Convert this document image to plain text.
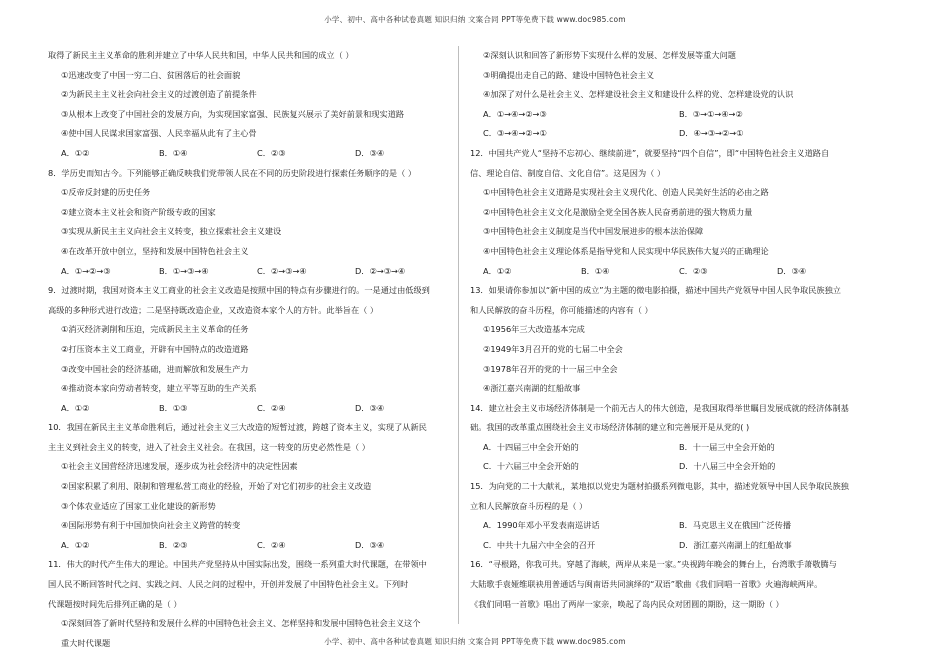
小学、初中、高中各种试卷真题 知识归纳 文案合同 PPT等免费下载 www.doc985.com
取得了新民主主义革命的胜利并建立了中华人民共和国，中华人民共和国的成立（ ）
①迅速改变了中国一穷二白、贫困落后的社会面貌
②为新民主主义社会向社会主义的过渡创造了前提条件
③从根本上改变了中国社会的发展方向，为实现国家富强、民族复兴展示了美好前景和现实道路
④使中国人民谋求国家富强、人民幸福从此有了主心骨
A．①②	B．①④	C．②③	D．③④
8．学历史而知古今。下列能够正确反映我们党带领人民在不同的历史阶段进行探索任务顺序的是（ ）
①反帝反封建的历史任务
②建立资本主义社会和资产阶级专政的国家
③实现从新民主主义向社会主义转变，独立探索社会主义建设
④在改革开放中创立，坚持和发展中国特色社会主义
A．①→②→③	B．①→③→④	C．②→③→④	D．②→③→④
9．过渡时期，我国对资本主义工商业的社会主义改造是按照中国的特点有步骤进行的。一是通过由低级到
高级的多种形式进行改造；二是坚持既改造企业，又改造资本家个人的方针。此举旨在（ ）
①消灭经济剥削和压迫，完成新民主主义革命的任务
②打压资本主义工商业，开辟有中国特点的改造道路
③改变中国社会的经济基础，进而解放和发展生产力
④推动资本家向劳动者转变，建立平等互助的生产关系
A．①②	B．①③	C．②④	D．③④
10．我国在新民主主义革命胜利后，通过社会主义三大改造的短暂过渡，跨越了资本主义，实现了从新民
主主义到社会主义的转变，进入了社会主义社会。在我国，这一转变的历史必然性是（ ）
①社会主义国营经济迅速发展，逐步成为社会经济中的决定性因素
②国家积累了利用、限制和管理私营工商业的经验，开始了对它们初步的社会主义改造
③个体农业适应了国家工业化建设的新形势
④国际形势有利于中国加快向社会主义跨营的转变
A．①②	B．②③	C．②④	D．③④
11．伟大的时代产生伟大的理论。中国共产党坚持从中国实际出发，围绕一系列重大时代课题，在带领中
国人民不断回答时代之问、实践之问、人民之问的过程中，开创并发展了中国特色社会主义。下列时
代课题按时间先后排列正确的是（ ）
①深刻回答了新时代坚持和发展什么样的中国特色社会主义、怎样坚持和发展中国特色社会主义这个
重大时代课题
②深刻认识和回答了新形势下实现什么样的发展、怎样发展等重大问题
③明确提出走自己的路、建设中国特色社会主义
④加深了对什么是社会主义、怎样建设社会主义和建设什么样的党、怎样建设党的认识
A．①→④→②→③	B．③→①→④→②
C．③→④→②→①	D．④→③→②→①
12．中国共产党人“坚持不忘初心、继续前进”，就要坚持“四个自信”，即“中国特色社会主义道路自
信、理论自信、制度自信、文化自信”。这是因为（ ）
①中国特色社会主义道路是实现社会主义现代化、创造人民美好生活的必由之路
②中国特色社会主义文化是激励全党全国各族人民奋勇前进的强大物质力量
③中国特色社会主义制度是当代中国发展进步的根本法治保障
④中国特色社会主义理论体系是指导党和人民实现中华民族伟大复兴的正确理论
A．①②	B．①④	C．②③	D．③④
13．如果请你参加以“新中国的成立”为主题的微电影拍摄，描述中国共产党领导中国人民争取民族独立
和人民解放的奋斗历程，你可能描述的内容有（ ）
①1956年三大改造基本完成
②1949年3月召开的党的七届二中全会
③1978年召开的党的十一届三中全会
④浙江嘉兴南湖的红船故事
14．建立社会主义市场经济体制是一个前无古人的伟大创造，是我国取得举世瞩目发展成就的经济体制基
础。我国的改革重点围绕社会主义市场经济体制的建立和完善展开是从党的( )
A．十四届三中全会开始的	B．十一届三中全会开始的
C．十六届三中全会开始的	D．十八届三中全会开始的
15．为向党的二十大献礼，某地拟以党史为题材拍摄系列微电影，其中，描述党领导中国人民争取民族独
立和人民解放奋斗历程的是（ ）
A．1990年邓小平发表南巡讲话	B．马克思主义在俄国广泛传播
C．中共十九届六中全会的召开	D．浙江嘉兴南湖上的红船故事
16．“寻根路，你我可共。穿越了海峡，两岸从来是一家。”央视跨年晚会的舞台上，台湾歌手萧敬腾与
大陆歌手袁娅维联袂用普通话与闽南语共同演绎的“双语”歌曲《我们同唱一首歌》火遍海峡两岸。
《我们同唱一首歌》唱出了两岸一家亲，唤起了岛内民众对团圆的期盼，这一期盼（ ）
小学、初中、高中各种试卷真题 知识归纳 文案合同 PPT等免费下载 www.doc985.com
